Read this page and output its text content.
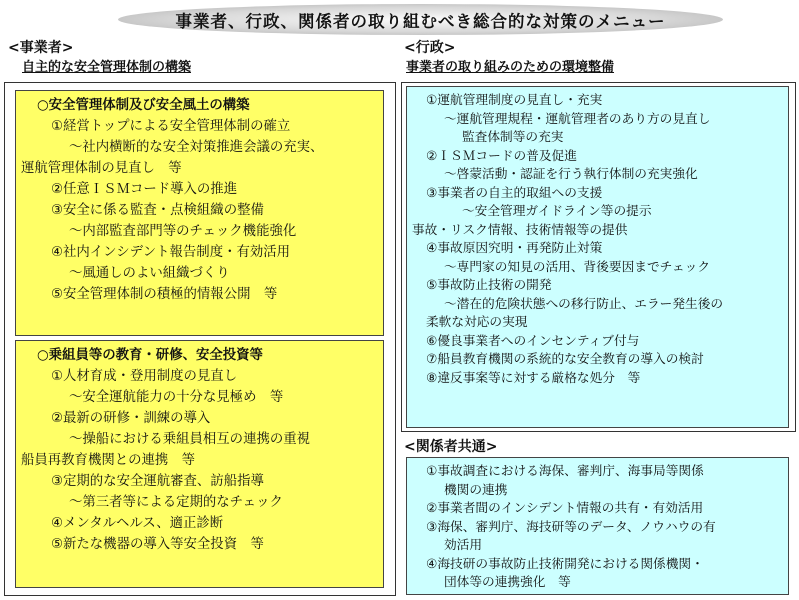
事業者、行政、関係者の取り組むべき総合的な対策のメニュー
<事業者>
自主的な安全管理体制の構築
<行政>
事業者の取り組みのための環境整備
○安全管理体制及び安全風土の構築
①経営トップによる安全管理体制の確立
～社内横断的な安全対策推進会議の充実、
運航管理体制の見直し　等
②任意ＩＳＭコード導入の推進
③安全に係る監査・点検組織の整備
～内部監査部門等のチェック機能強化
④社内インシデント報告制度・有効活用
～風通しのよい組織づくり
⑤安全管理体制の積極的情報公開　等
○乗組員等の教育・研修、安全投資等
①人材育成・登用制度の見直し
～安全運航能力の十分な見極め　等
②最新の研修・訓練の導入
～操船における乗組員相互の連携の重視
船員再教育機関との連携　等
③定期的な安全運航審査、訪船指導
～第三者等による定期的なチェック
④メンタルヘルス、適正診断
⑤新たな機器の導入等安全投資　等
①運航管理制度の見直し・充実
～運航管理規程・運航管理者のあり方の見直し
監査体制等の充実
②ＩＳＭコードの普及促進
～啓蒙活動・認証を行う執行体制の充実強化
③事業者の自主的取組への支援
～安全管理ガイドライン等の提示
事故・リスク情報、技術情報等の提供
④事故原因究明・再発防止対策
～専門家の知見の活用、背後要因までチェック
⑤事故防止技術の開発
～潜在的危険状態への移行防止、エラー発生後の
柔軟な対応の実現
⑥優良事業者へのインセンティブ付与
⑦船員教育機関の系統的な安全教育の導入の検討
⑧違反事案等に対する厳格な処分　等
<関係者共通>
①事故調査における海保、審判庁、海事局等関係
機関の連携
②事業者間のインシデント情報の共有・有効活用
③海保、審判庁、海技研等のデータ、ノウハウの有
効活用
④海技研の事故防止技術開発における関係機関・
団体等の連携強化　等
